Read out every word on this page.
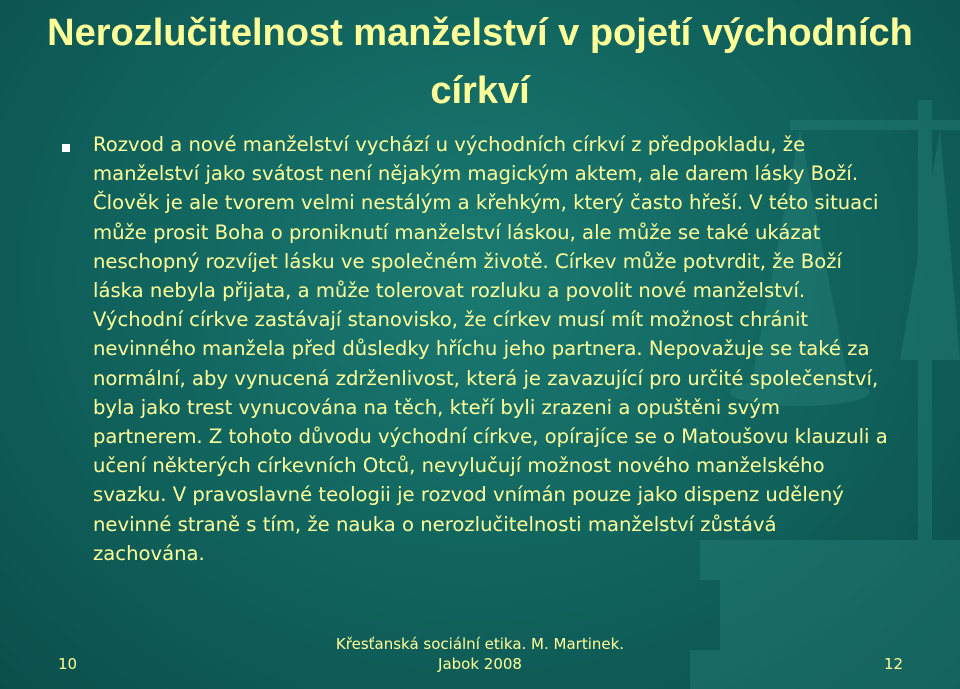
Nerozlučitelnost manželství v pojetí východních církví

Rozvod a nové manželství vychází u východních církví z předpokladu, že manželství jako svátost není nějakým magickým aktem, ale darem lásky Boží. Člověk je ale tvorem velmi nestálým a křehkým, který často hřeší. V této situaci může prosit Boha o proniknutí manželství láskou, ale může se také ukázat neschopný rozvíjet lásku ve společném životě. Církev může potvrdit, že Boží láska nebyla přijata, a může tolerovat rozluku a povolit nové manželství. Východní církve zastávají stanovisko, že církev musí mít možnost chránit nevinného manžela před důsledky hříchu jeho partnera. Nepovažuje se také za normální, aby vynucená zdrženlivost, která je zavazující pro určité společenství, byla jako trest vynucována na těch, kteří byli zrazeni a opuštěni svým partnerem. Z tohoto důvodu východní církve, opírajíce se o Matoušovu klauzuli a učení některých církevních Otců, nevylučují možnost nového manželského svazku. V pravoslavné teologii je rozvod vnímán pouze jako dispenz udělený nevinné straně s tím, že nauka o nerozlučitelnosti manželství zůstává zachována.

10
Křesťanská sociální etika. M. Martinek.
Jabok 2008	12
